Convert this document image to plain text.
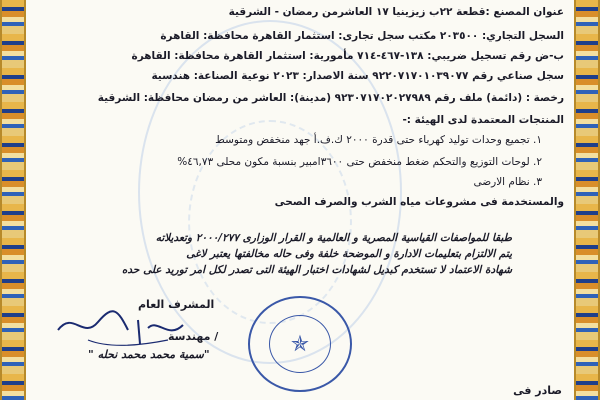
عنوان المصنع :قطعة ٢٢ب زيزينيا ١٧ العاشرمن رمضان - الشرقية
السجل التجاري: ٢٠٣٥٠٠ مكتب سجل تجارى: استثمار القاهرة محافظة: القاهرة
ب-ض رقم تسجيل ضريبي: ١٣٨-٤٦٧-٧١٤ مأمورية: استثمار القاهرة محافظة: القاهرة
سجل صناعي رقم ٩٢٢٠٧١٧٠١٠٣٩٠٧٧ سنة الاصدار: ٢٠٢٣ نوعية الصناعة: هندسية
رخصة : (دائمة) ملف رقم ٩٢٣٠٧١٧٠٢٠٢٧٩٨٩ (مدينة): العاشر من رمضان محافظة: الشرقية
المنتجات المعتمدة لدى الهيئة :-
١. تجميع وحدات توليد كهرباء حتى قدرة ٢٠٠٠ ك.ف.أ جهد منخفض ومتوسط
٢. لوحات التوزيع والتحكم ضغط منخفض حتى ٣٦٠٠امبير بنسبة مكون محلى ٤٦,٧٣%
٣. نظام الارضى
والمستخدمة فى مشروعات مياه الشرب والصرف الصحى
طبقا للمواصفات القياسية المصرية و العالمية و القرار الوزارى ٢٠٠٠/٢٧٧ وتعديلاته
يتم الالتزام بتعليمات الادارة و الموضحة خلفة وفى حاله مخالفتها يعتبر لاغى
شهادة الاعتماد لا تستخدم كبديل لشهادات اختبار الهيئة التى تصدر لكل امر توريد على حده
المشرف العام
مهندسة /
" سمية محمد محمد نحله"	✯
صادر فى
